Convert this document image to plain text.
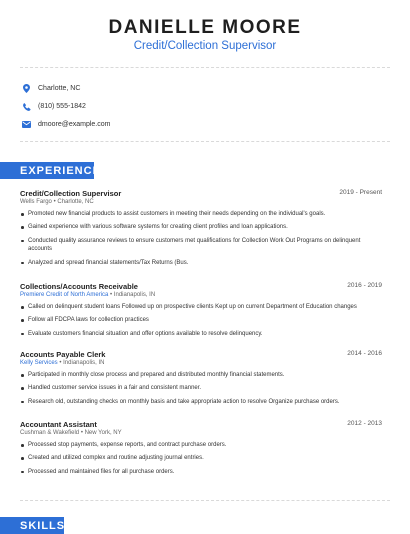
DANIELLE MOORE
Credit/Collection Supervisor
Charlotte, NC
(810) 555-1842
dmoore@example.com
EXPERIENCE
Credit/Collection Supervisor	2019 - Present
Wells Fargo • Charlotte, NC
Promoted new financial products to assist customers in meeting their needs depending on the individual's goals.
Gained experience with various software systems for creating client profiles and loan applications.
Conducted quality assurance reviews to ensure customers met qualifications for Collection Work Out Programs on delinquent accounts
Analyzed and spread financial statements/Tax Returns (Bus.
Collections/Accounts Receivable	2016 - 2019
Premiere Credit of North America • Indianapolis, IN
Called on delinquent student loans Followed up on prospective clients Kept up on current Department of Education changes
Follow all FDCPA laws for collection practices
Evaluate customers financial situation and offer options available to resolve delinquency.
Accounts Payable Clerk	2014 - 2016
Kelly Services • Indianapolis, IN
Participated in monthly close process and prepared and distributed monthly financial statements.
Handled customer service issues in a fair and consistent manner.
Research old, outstanding checks on monthly basis and take appropriate action to resolve Organize purchase orders.
Accountant Assistant	2012 - 2013
Cushman & Wakefield • New York, NY
Processed stop payments, expense reports, and contract purchase orders.
Created and utilized complex and routine adjusting journal entries.
Processed and maintained files for all purchase orders.
SKILLS
